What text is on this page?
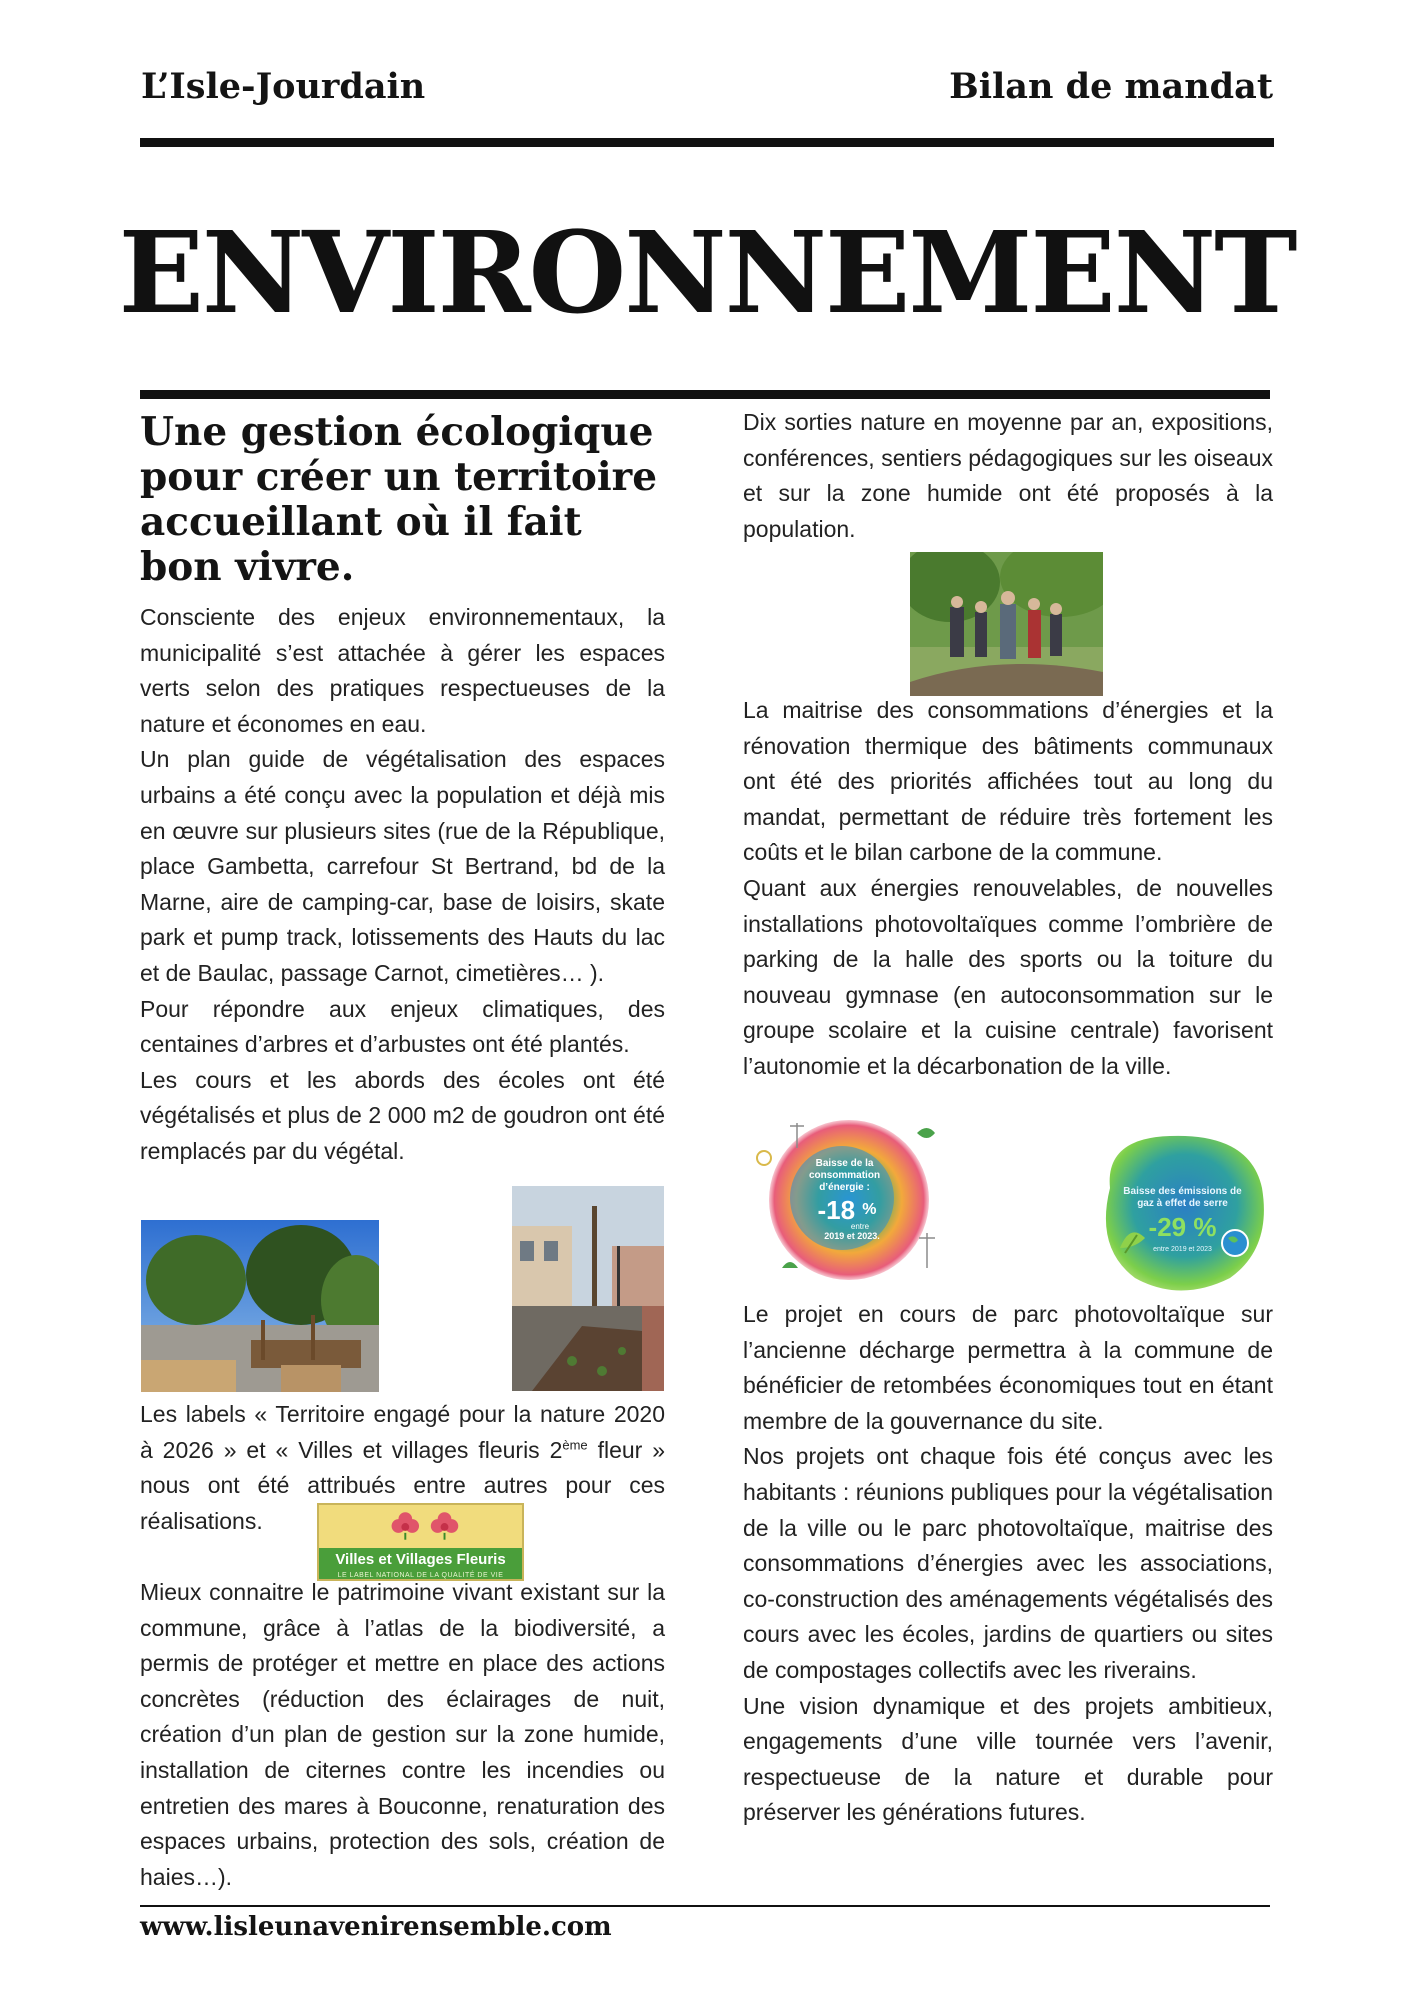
L’Isle-Jourdain	Bilan de mandat
ENVIRONNEMENT
Une gestion écologique pour créer un territoire accueillant où il fait bon vivre.

Consciente des enjeux environnementaux, la municipalité s’est attachée à gérer les espaces verts selon des pratiques respectueuses de la nature et économes en eau.

Un plan guide de végétalisation des espaces urbains a été conçu avec la population et déjà mis en œuvre sur plusieurs sites (rue de la République, place Gambetta, carrefour St Bertrand, bd de la Marne, aire de camping-car, base de loisirs, skate park et pump track, lotissements des Hauts du lac et de Baulac, passage Carnot, cimetières… ).

Pour répondre aux enjeux climatiques, des centaines d’arbres et d’arbustes ont été plantés.

Les cours et les abords des écoles ont été végétalisés et plus de 2 000 m2 de goudron ont été remplacés par du végétal.

Les labels « Territoire engagé pour la nature 2020 à 2026 » et « Villes et villages fleuris 2ème fleur » nous ont été attribués entre autres pour ces réalisations.

Villes et Villages Fleuris
LE LABEL NATIONAL DE LA QUALITÉ DE VIE

Mieux connaitre le patrimoine vivant existant sur la commune, grâce à l’atlas de la biodiversité, a permis de protéger et mettre en place des actions concrètes (réduction des éclairages de nuit, création d’un plan de gestion sur la zone humide, installation de citernes contre les incendies ou entretien des mares à Bouconne, renaturation des espaces urbains, protection des sols, création de haies…).

Dix sorties nature en moyenne par an, expositions, conférences, sentiers pédagogiques sur les oiseaux et sur la zone humide ont été proposés à la population.

La maitrise des consommations d’énergies et la rénovation thermique des bâtiments communaux ont été des priorités affichées tout au long du mandat, permettant de réduire très fortement les coûts et le bilan carbone de la commune.

Quant aux énergies renouvelables, de nouvelles installations photovoltaïques comme l’ombrière de parking de la halle des sports ou la toiture du nouveau gymnase (en autoconsommation sur le groupe scolaire et la cuisine centrale) favorisent l’autonomie et la décarbonation de la ville.

Baisse de la consommation d’énergie :
-18 %
entre
2019 et 2023.
Baisse des émissions de gaz à effet de serre
-29 %
entre 2019 et 2023

Le projet en cours de parc photovoltaïque sur l’ancienne décharge permettra à la commune de bénéficier de retombées économiques tout en étant membre de la gouvernance du site.

Nos projets ont chaque fois été conçus avec les habitants : réunions publiques pour la végétalisation de la ville ou le parc photovoltaïque, maitrise des consommations d’énergies avec les associations, co-construction des aménagements végétalisés des cours avec les écoles, jardins de quartiers ou sites de compostages collectifs avec les riverains.

Une vision dynamique et des projets ambitieux, engagements d’une ville tournée vers l’avenir, respectueuse de la nature et durable pour préserver les générations futures.

www.lisleunavenirensemble.com
